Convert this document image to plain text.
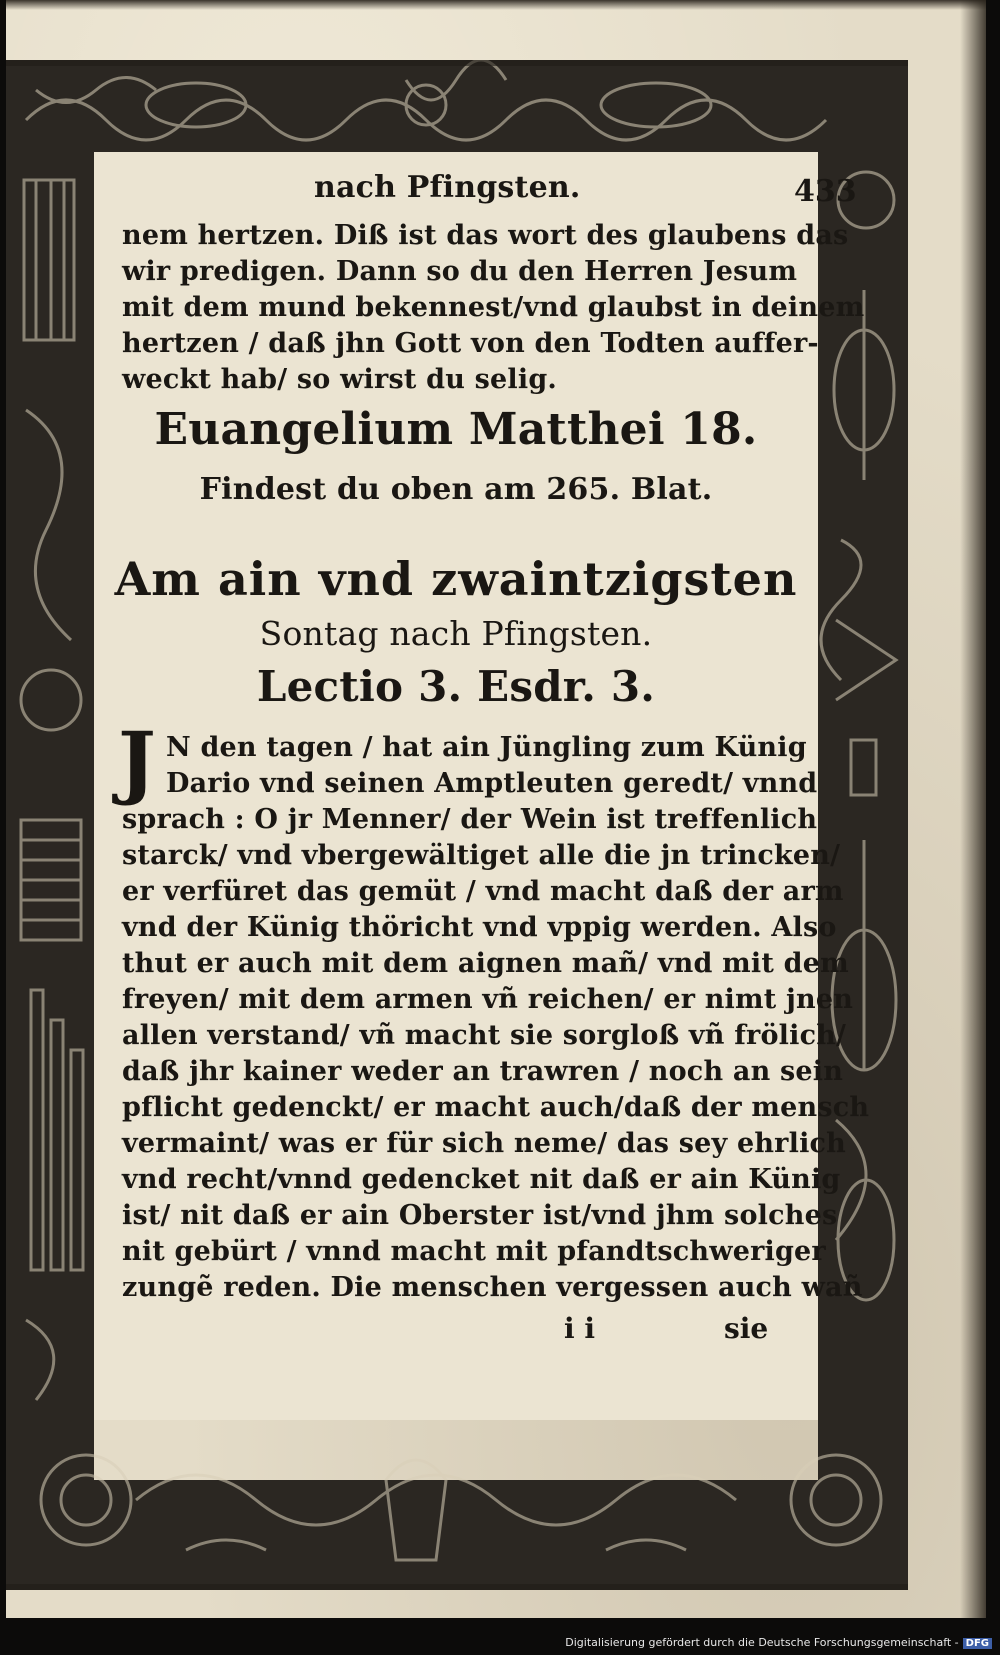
nach Pfingsten.	433
nem hertzen. Diß ist das wort des glaubens das
wir predigen. Dann so du den Herren Jesum
mit dem mund bekennest/vnd glaubst in deinem
hertzen / daß jhn Gott von den Todten auffer-
weckt hab/ so wirst du selig.
Euangelium Matthei 18.
Findest du oben am 265. Blat.
Am ain vnd zwaintzigsten
Sontag nach Pfingsten.
Lectio 3. Esdr. 3.
J N den tagen / hat ain Jüngling zum Künig
Dario vnd seinen Amptleuten geredt/ vnnd
sprach : O jr Menner/ der Wein ist treffenlich
starck/ vnd vbergewältiget alle die jn trincken/
er verfüret das gemüt / vnd macht daß der arm
vnd der Künig thöricht vnd vppig werden. Also
thut er auch mit dem aignen mañ/ vnd mit dem
freyen/ mit dem armen vñ reichen/ er nimt jnen
allen verstand/ vñ macht sie sorgloß vñ frölich/
daß jhr kainer weder an trawren / noch an sein
pflicht gedenckt/ er macht auch/daß der mensch
vermaint/ was er für sich neme/ das sey ehrlich
vnd recht/vnnd gedencket nit daß er ain Künig
ist/ nit daß er ain Oberster ist/vnd jhm solches
nit gebürt / vnnd macht mit pfandtschweriger
zungẽ reden. Die menschen vergessen auch wañ
i i	sie
Digitalisierung gefördert durch die Deutsche Forschungsgemeinschaft - DFG
